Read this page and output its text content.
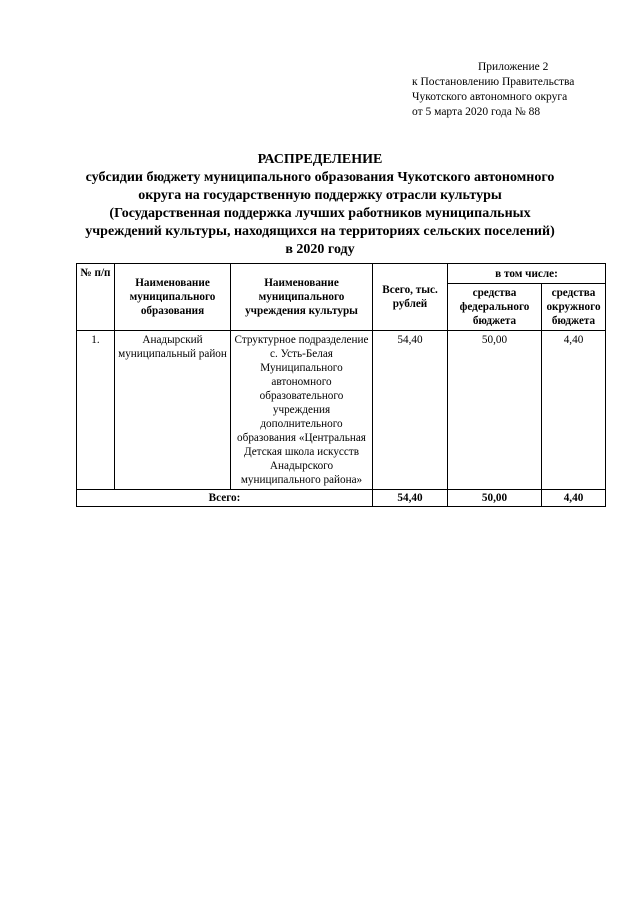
Приложение 2
к Постановлению Правительства
Чукотского автономного округа
от 5 марта 2020 года № 88
РАСПРЕДЕЛЕНИЕ
субсидии бюджету муниципального образования Чукотского автономного
округа на государственную поддержку отрасли культуры
(Государственная поддержка лучших работников муниципальных
учреждений культуры, находящихся на территориях сельских поселений)
в 2020 году
№ п/п	Наименование муниципального образования	Наименование муниципального учреждения культуры	Всего, тыс. рублей	в том числе:	
				средства федерального бюджета	средства окружного бюджета
1.	Анадырский муниципальный район	Структурное подразделение с. Усть-Белая Муниципального автономного образовательного учреждения дополнительного образования «Центральная Детская школа искусств Анадырского муниципального района»	54,40	50,00	4,40
Всего:			54,40	50,00	4,40
